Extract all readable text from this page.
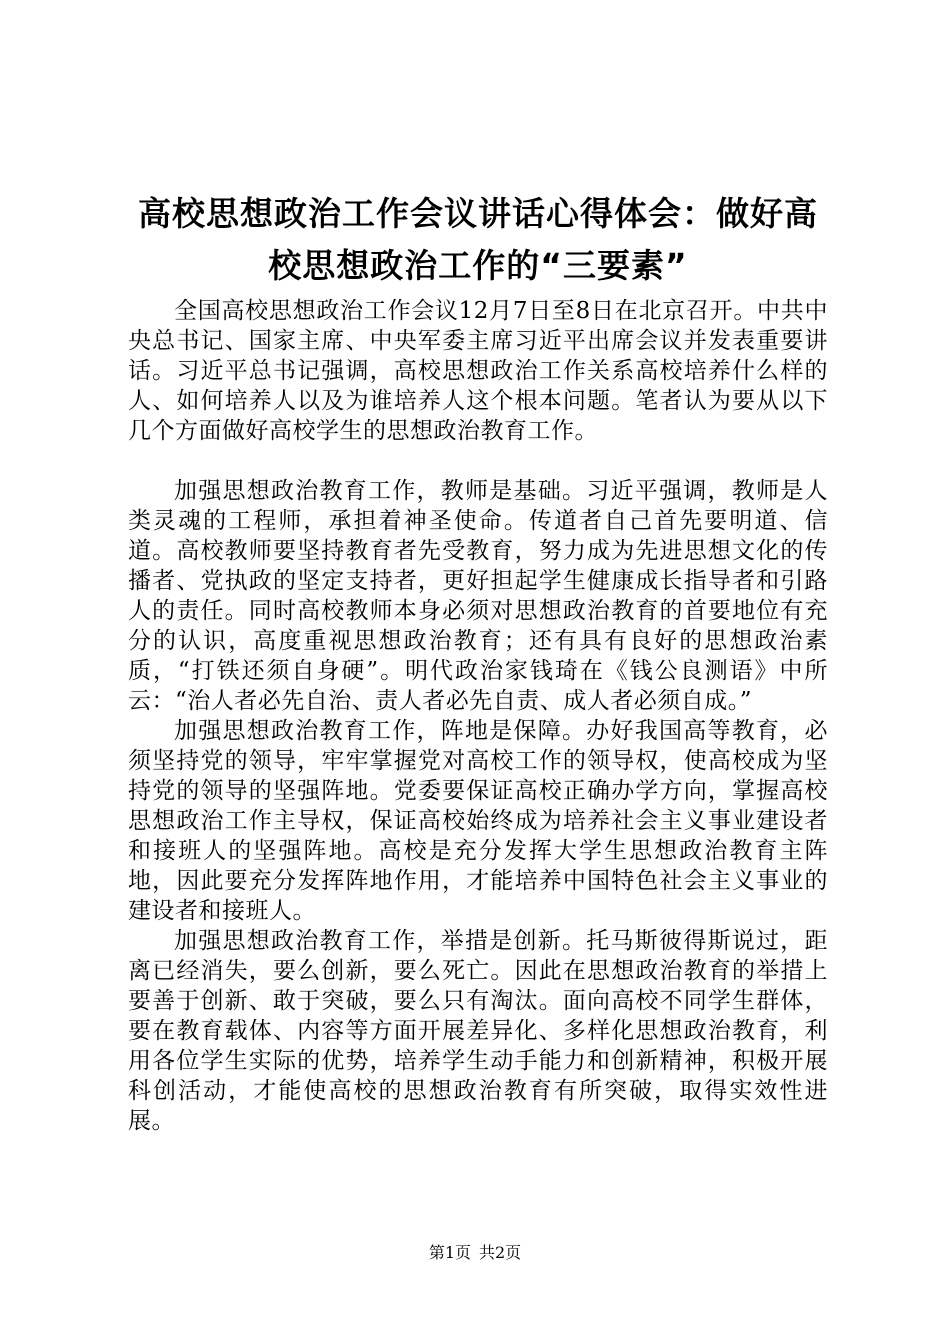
高校思想政治工作会议讲话心得体会：做好高
校思想政治工作的“三要素”

全国高校思想政治工作会议12月7日至8日在北京召开。中共中央总书记、国家主席、中央军委主席习近平出席会议并发表重要讲话。习近平总书记强调，高校思想政治工作关系高校培养什么样的人、如何培养人以及为谁培养人这个根本问题。笔者认为要从以下几个方面做好高校学生的思想政治教育工作。

加强思想政治教育工作，教师是基础。习近平强调，教师是人类灵魂的工程师，承担着神圣使命。传道者自己首先要明道、信道。高校教师要坚持教育者先受教育，努力成为先进思想文化的传播者、党执政的坚定支持者，更好担起学生健康成长指导者和引路人的责任。同时高校教师本身必须对思想政治教育的首要地位有充分的认识，高度重视思想政治教育；还有具有良好的思想政治素质，“打铁还须自身硬”。明代政治家钱琦在《钱公良测语》中所云：“治人者必先自治、责人者必先自责、成人者必须自成。”

加强思想政治教育工作，阵地是保障。办好我国高等教育，必须坚持党的领导，牢牢掌握党对高校工作的领导权，使高校成为坚持党的领导的坚强阵地。党委要保证高校正确办学方向，掌握高校思想政治工作主导权，保证高校始终成为培养社会主义事业建设者和接班人的坚强阵地。高校是充分发挥大学生思想政治教育主阵地，因此要充分发挥阵地作用，才能培养中国特色社会主义事业的建设者和接班人。

加强思想政治教育工作，举措是创新。托马斯彼得斯说过，距离已经消失，要么创新，要么死亡。因此在思想政治教育的举措上要善于创新、敢于突破，要么只有淘汰。面向高校不同学生群体，要在教育载体、内容等方面开展差异化、多样化思想政治教育，利用各位学生实际的优势，培养学生动手能力和创新精神，积极开展科创活动，才能使高校的思想政治教育有所突破，取得实效性进展。

第1页 共2页
